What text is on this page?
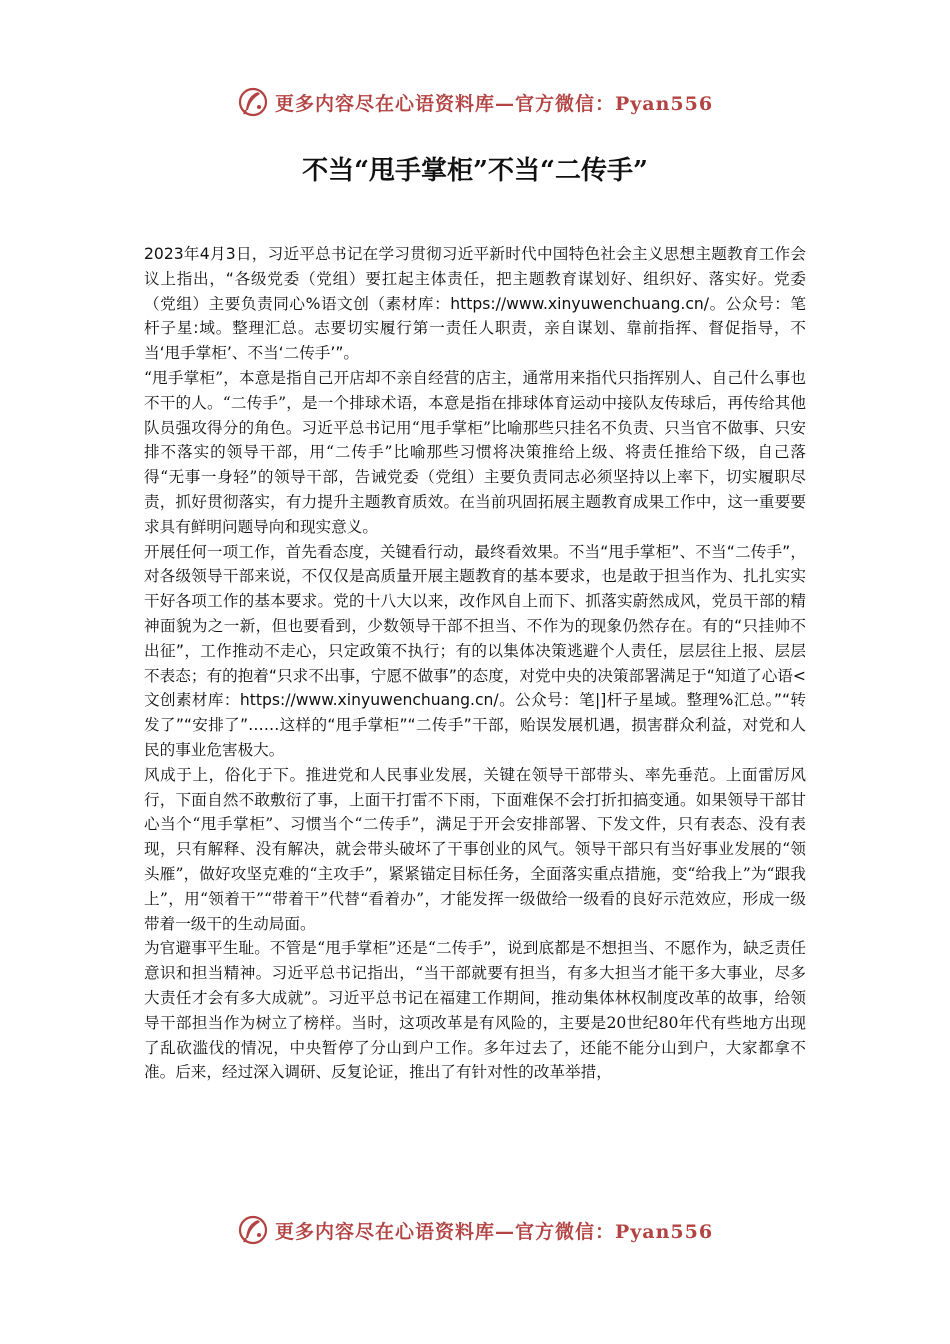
更多内容尽在心语资料库—官方微信：Pyan556
不当“甩手掌柜”不当“二传手”

2023年4月3日，习近平总书记在学习贯彻习近平新时代中国特色社会主义思想主题教育工作会议上指出，“各级党委（党组）要扛起主体责任，把主题教育谋划好、组织好、落实好。党委（党组）主要负责同心%语文创（素材库：https://www.xinyuwenchuang.cn/。公众号：笔杆子星:域。整理汇总。志要切实履行第一责任人职责，亲自谋划、靠前指挥、督促指导，不当‘甩手掌柜’、不当‘二传手’”。

“甩手掌柜”，本意是指自己开店却不亲自经营的店主，通常用来指代只指挥别人、自己什么事也不干的人。“二传手”，是一个排球术语，本意是指在排球体育运动中接队友传球后，再传给其他队员强攻得分的角色。习近平总书记用“甩手掌柜”比喻那些只挂名不负责、只当官不做事、只安排不落实的领导干部，用“二传手”比喻那些习惯将决策推给上级、将责任推给下级，自己落得“无事一身轻”的领导干部，告诫党委（党组）主要负责同志必须坚持以上率下，切实履职尽责，抓好贯彻落实，有力提升主题教育质效。在当前巩固拓展主题教育成果工作中，这一重要要求具有鲜明问题导向和现实意义。

开展任何一项工作，首先看态度，关键看行动，最终看效果。不当“甩手掌柜”、不当“二传手”，对各级领导干部来说，不仅仅是高质量开展主题教育的基本要求，也是敢于担当作为、扎扎实实干好各项工作的基本要求。党的十八大以来，改作风自上而下、抓落实蔚然成风，党员干部的精神面貌为之一新，但也要看到，少数领导干部不担当、不作为的现象仍然存在。有的“只挂帅不出征”，工作推动不走心，只定政策不执行；有的以集体决策逃避个人责任，层层往上报、层层不表态；有的抱着“只求不出事，宁愿不做事”的态度，对党中央的决策部署满足于“知道了心语<文创素材库：https://www.xinyuwenchuang.cn/。公众号：笔|]杆子星域。整理%汇总。”“转发了”“安排了”……这样的“甩手掌柜”“二传手”干部，贻误发展机遇，损害群众利益，对党和人民的事业危害极大。

风成于上，俗化于下。推进党和人民事业发展，关键在领导干部带头、率先垂范。上面雷厉风行，下面自然不敢敷衍了事，上面干打雷不下雨，下面难保不会打折扣搞变通。如果领导干部甘心当个“甩手掌柜”、习惯当个“二传手”，满足于开会安排部署、下发文件，只有表态、没有表现，只有解释、没有解决，就会带头破坏了干事创业的风气。领导干部只有当好事业发展的“领头雁”，做好攻坚克难的“主攻手”，紧紧锚定目标任务，全面落实重点措施，变“给我上”为“跟我上”，用“领着干”“带着干”代替“看着办”，才能发挥一级做给一级看的良好示范效应，形成一级带着一级干的生动局面。

为官避事平生耻。不管是“甩手掌柜”还是“二传手”，说到底都是不想担当、不愿作为，缺乏责任意识和担当精神。习近平总书记指出，“当干部就要有担当，有多大担当才能干多大事业，尽多大责任才会有多大成就”。习近平总书记在福建工作期间，推动集体林权制度改革的故事，给领导干部担当作为树立了榜样。当时，这项改革是有风险的，主要是20世纪80年代有些地方出现了乱砍滥伐的情况，中央暂停了分山到户工作。多年过去了，还能不能分山到户，大家都拿不准。后来，经过深入调研、反复论证，推出了有针对性的改革举措，

更多内容尽在心语资料库—官方微信：Pyan556
